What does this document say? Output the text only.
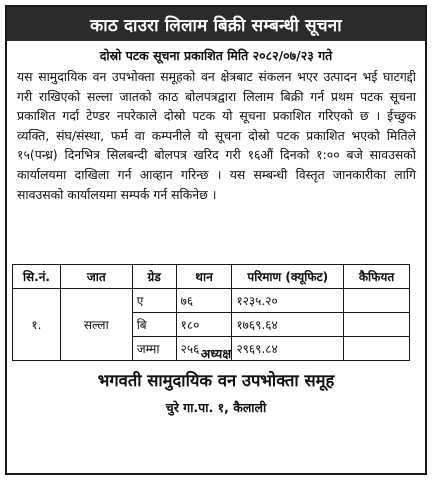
काठ दाउरा लिलाम बिक्री सम्बन्धी सूचना
दोस्रो पटक सूचना प्रकाशित मिति २०८२/०७/२३ गते

यस सामुदायिक वन उपभोक्ता समूहको वन क्षेत्रबाट संकलन भएर उत्पादन भई घाटगद्दी गरी राखिएको सल्ला जातको काठ बोलपत्रद्वारा लिलाम बिक्री गर्न प्रथम पटक सूचना प्रकाशित गर्दा टेण्डर नपरेकाले दोस्रो पटक यो सूचना प्रकाशित गरिएको छ । ईच्छुक व्यक्ति, संघ/संस्था, फर्म वा कम्पनीले यो सूचना दोस्रो पटक प्रकाशित भएको मितिले १५(पन्ध्र) दिनभित्र सिलबन्दी बोलपत्र खरिद गरी १६औं दिनको १:०० बजे सावउसको कार्यालयमा दाखिला गर्न आव्हान गरिन्छ । यस सम्बन्धी विस्तृत जानकारीका लागि सावउसको कार्यालयमा सम्पर्क गर्न सकिनेछ ।

सि.नं.	जात	ग्रेड	थान	परिमाण (क्यूफिट)	कैफियत
१.	सल्ला	ए	७६	१२३५.२०	
		बि	१८०	१७६९.६४	
		जम्मा	२५६	२९६९.८४	
अध्यक्ष
भगवती सामुदायिक वन उपभोक्ता समूह
चुरे गा.पा. १, कैलाली
